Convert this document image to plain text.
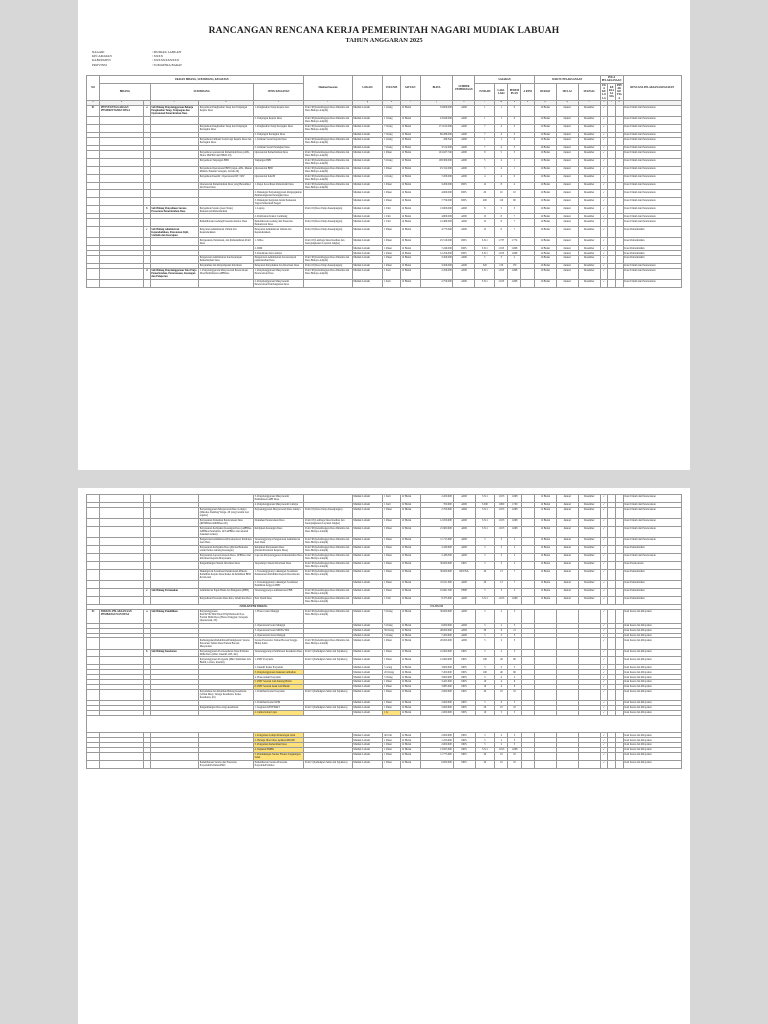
RANCANGAN RENCANA KERJA PEMERINTAH NAGARI MUDIAK LABUAH
TAHUN ANGGARAN 2025
NAGARI	: MUDIAK LABUAH
KECAMATAN	: XXXX
KABUPATEN	: XXXXXXXXXXX
PROVINSI	: SUMATERA BARAT
NO	URAIAN BIDANG, SUB BIDANG, KEGIATAN					Manfaat/Sasaran	LOKASI	VOLUME	SATUAN	BIAYA	SUMBER PEMBIAYAAN	SASARAN				WAKTU PELAKSANAAN			POLA PELAKSANAAN			RENCANA PELAKSANA KEGIATAN
	BIDANG		SUB BIDANG		JENIS KEGIATAN							JUMLAH	LAKI-LAKI	PEREMPUAN	A RTM	DURASI	MULAI	SELESAI	SWA KELOLA	KERJA SAMA	PIHAK KETIGA	

a	b		c	d	e	f	g	h	i	j	k	l	m	n	o	p	q	r	s	t	u	
01	PENYELENGGARAAN PEMERINTAHAN DESA	a	Sub Bidang Penyelenggaraan Belanja Penghasilan Tetap, Tunjangan dan Operasional Pemerintahan Desa	Penyediaan Penghasilan Tetap dan Tunjangan Kepala Desa	1. Penghasilan Tetap Kepala desa	Point 38 (Kelembagaan Desa Dinamis dan Desa Budaya Adaptif)	Mudiak Labuah	1 Orang	12 Bulan	33.600.000	ADD	1	1	0		12 Bulan	Januari	Desember	✓			Kaur Umum dan Perencanaan
					2. Tunjangan Kepala Desa	Point 38 (Kelembagaan Desa Dinamis dan Desa Budaya Adaptif)	Mudiak Labuah	1 Orang	12 Bulan	23.040.000	ADD	1	1	0		12 Bulan	Januari	Desember	✓			Kaur Umum dan Perencanaan
				Penyediaan Penghasilan Tetap dan Tunjangan Perangkat Desa	1. Penghasilan Tetap Perangkat Desa	Point 38 (Kelembagaan Desa Dinamis dan Desa Budaya Adaptif)	Mudiak Labuah	7 Orang	12 Bulan	171.612.000	ADD	7	4	3		12 Bulan	Januari	Desember	✓			Kaur Umum dan Perencanaan
					2. Tunjangan Perangkat Desa		Mudiak Labuah	7 Orang	12 Bulan	80.286.000	ADD	7	4	3		12 Bulan	Januari	Desember	✓			Kaur Umum dan Perencanaan
				Penyediaan Jaminan Sosial bagi Kepala Desa dan Perangkat Desa	1. Jaminan Sosial Kepala Desa	Point 38 (Kelembagaan Desa Dinamis dan Desa Budaya Adaptif)	Mudiak Labuah	1 Orang	12 Bulan	439.342	ADD	1	1	0		12 Bulan	Januari	Desember	✓			Kaur Umum dan Perencanaan
					2. Jaminan Sosial Perangkat Desa		Mudiak Labuah	7 Orang	12 Bulan	3.512.000	ADD	7	4	3		12 Bulan	Januari	Desember	✓			Kaur Umum dan Perencanaan
				Penyediaan operasional Pemerintah Desa (ATK, Honor PKPKD dan PPKD dll)	Operasional Pemerintahan Desa	Point 38 (Kelembagaan Desa Dinamis dan Desa Budaya Adaptif)	Mudiak Labuah	1 Paket	12 Bulan	101.627.740	ADD	8	5	3		12 Bulan	Januari	Desember	✓			Kaur Umum dan Perencanaan
				Penyediaan Tunjangan BPD	Tunjangan BPD	Point 38 (Kelembagaan Desa Dinamis dan Desa Budaya Adaptif)	Mudiak Labuah	5 Orang	12 Bulan	108.300.000	ADD	5	4	1		12 Bulan	Januari	Desember	✓			Kaur Umum dan Perencanaan
				Penyediaan Operasional BPD (rapat, ATK, Makan Minum, Pakaian Seragam, Listrik dll)	Operasional BPD	Point 38 (Kelembagaan Desa Dinamis dan Desa Budaya Adaptif)	Mudiak Labuah	1 Paket	12 Bulan	25.312.000	ADD	5	4	1		12 Bulan	Januari	Desember	✓			Kaur Umum dan Perencanaan
				Penyediaan Insentif / Operasional RT / RW	Operasional KAON	Point 38 (Kelembagaan Desa Dinamis dan Desa Budaya Adaptif)	Mudiak Labuah	4 Orang	12 Bulan	7.200.000	ADD	4	4	0		12 Bulan	Januari	Desember	✓			Kaur Umum dan Perencanaan
				Operasional Pemerintahan Desa yang Bersumber dari Dana Desa	1. Rapat Koordinasi Pemerintah Desa	Point 38 (Kelembagaan Desa Dinamis dan Desa Budaya Adaptif)	Mudiak Labuah	1 Paket	12 Bulan	3.200.000	DDS	12	8	4		12 Bulan	Januari	Desember	✓			Kaur Umum dan Perencanaan
					2. Dukungan Penyelenggaraan Pengangkutan Pemberangkatan Perangkat Desa		Mudiak Labuah	1 Paket	12 Bulan	4.000.000	DDS	20	10	10		12 Bulan	Januari	Desember	✓			Kaur Umum dan Perencanaan
					3. Dukungan Kegiatan dalam Perkuatan Tugas Pemerintah Negeri		Mudiak Labuah	1 Paket	12 Bulan	7.750.000	DDS	200	110	90		12 Bulan	Januari	Desember	✓			Kaur Umum dan Perencanaan
		b	Sub Bidang Penyediaan Sarana Prasarana Pemerintahan Desa	Penyediaan Sarana (Aset Tetap) Perkantoran/Pemerintahan	1. Laptop	Point 18 (Desa Tanpa Kesenjangan)	Mudiak Labuah	1 Unit	12 Bulan	13.000.000	ADD	8	5	3		12 Bulan	Januari	Desember	✓			Kaur Umum dan Perencanaan
					2. Pembuatan Kantor Lumbung		Mudiak Labuah	1 Unit	12 Bulan	4.800.000	ADD	15	8	7		12 Bulan	Januari	Desember	✓			Kaur Umum dan Perencanaan
				Pemeliharaan Gedung/Prasarana Kantor Desa	Pemeliharaan Gedung dan Prasarana Perkantoran Desa	Point 18 (Desa Tanpa Kesenjangan)	Mudiak Labuah	1 Unit	12 Bulan	12.480.000	ADD	15	8	7		12 Bulan	Januari	Desember	✓			Kaur Umum dan Perencanaan
		c	Sub Bidang Administrasi Kependudukan, Pencatatan Sipil, Statistik dan Kearsipan	Pelayanan Administrasi Umum dan Kependudukan	Pelayanan Administrasi Umum dan Kependudukan	Point 18 (Desa Tanpa Kesenjangan)	Mudiak Labuah	1 Paket	12 Bulan	4.775.000	ADD	15	8	7		12 Bulan	Januari	Desember	✓			Kaur Pemerintahan
				Penyusunan, Pendataan, dan Pemutakhiran Profil Desa	1. SDGs	Point 18 (Lembaga Desa Kualitas dan Keterjangkauan Layanan Jangka)	Mudiak Labuah	1 Paket	12 Bulan	25.510.000	DDS	3.511	1.737	1.774		12 Bulan	Januari	Desember	✓			Kaur Pemerintahan
					2. IDM		Mudiak Labuah	1 Paket	12 Bulan	7.240.000	DDS	3.511	1.813	1.698		12 Bulan	Januari	Desember	✓			Kaur Pemerintahan
					3. Pendataan data Lainnya		Mudiak Labuah	1 Paket	12 Bulan	12.250.000	DDS	3.511	1.813	1.698		12 Bulan	Januari	Desember	✓			Kaur Pemerintahan
				Pengelolaan Administrasi dan Kearsipan Pemerintahan Desa	Pengelolaan Administrasi dan kearsipan pemerintahan Desa	Point 38 (Kelembagaan Desa Dinamis dan Desa Budaya Adaptif)	Mudiak Labuah	1 Paket	12 Bulan	3.450.000	ADD	5	3	2		12 Bulan	Januari	Desember	✓			Kaur Pemerintahan
				Penyuluhan dan Penyampaian Informasi	Pelayanan Penyuluhan dan Informasi Desa	Point 18 (Desa Tanpa Kesenjangan)	Mudiak Labuah	1 Paket	12 Bulan	3.200.000	ADD	320	150	170		12 Bulan	Januari	Desember	✓			Kaur Umum dan Perencanaan
		d	Sub Bidang Penyelenggaraan Tata Praja Pemerintahan, Perencanaan, Keuangan dan Pelaporan	1. Penyelenggaraan Musyawarah Perencanaan Desa/Pembahasan APBDesa	1. Penyelenggaraan Musyawarah Perencanaan Desa	Point 38 (Kelembagaan Desa Dinamis dan Desa Budaya Adaptif)	Mudiak Labuah	1 Kali	12 Bulan	2.450.000	ADD	3.511	1.813	1.698		12 Bulan	Januari	Desember	✓			Kaur Umum dan Perencanaan
					2. Penyelenggaraan Musyawarah Perencanaan Pembangunan Desa		Mudiak Labuah	1 Kali	12 Bulan	2.750.000	ADD	3.511	1.813	1.698		12 Bulan	Januari	Desember	✓			Kaur Umum dan Perencanaan
					3. Penyelenggaraan Musyawarah Pembahasan APB Desa		Mudiak Labuah	1 Kali	12 Bulan	2.450.000	ADD	3.511	1.813	1.698		12 Bulan	Januari	Desember	✓			Kaur Umum dan Perencanaan
					4. Penyelenggaraan Musyawarah Lainnya		Mudiak Labuah	1 Kali	12 Bulan	700.000	ADD	3.500	1.800	1.700		12 Bulan	Januari	Desember	✓			Kaur Umum dan Perencanaan
				Penyelenggaraan Musyawarah Desa Lainnya (Musdus, Rembug Warga, dll yang bersifat non reguler)	Penyelenggaraan Musyawarah Desa lainnya	Point 18 (Desa Tanpa Kesenjangan)	Mudiak Labuah	1 Paket	12 Bulan	2.700.000	ADD	3.511	1.813	1.698		12 Bulan	Januari	Desember	✓			Kaur Umum dan Perencanaan
				Penyusunan Dokumen Perencanaan Desa (RPJMDesa/RKPDesa/dll)	Dokumen Perencanaan Desa	Point 18 (Lembaga Desa Kualitas dan Keterjangkauan Layanan Jangka)	Mudiak Labuah	1 Paket	12 Bulan	12.050.000	ADD	3.511	1.813	1.698		12 Bulan	Januari	Desember	✓			Kaur Umum dan Perencanaan
				Penyusunan Kebijakan Keuangan Desa (APBDes, APBDes Perubahan, LPJ APBDes dan seluruh dokumen terkait)	Kebijakan Keuangan Desa	Point 38 (Kelembagaan Desa Dinamis dan Desa Budaya Adaptif)	Mudiak Labuah	1 Paket	12 Bulan	21.900.000	ADD	3.511	1.813	1.698		12 Bulan	Januari	Desember	✓			Kaur Umum dan Perencanaan
				Pengelolaan/Administrasi/Inventarisasi/ Penilaian Aset Desa	Terselenggaranya Pengelolaan Administrasi Aset Desa	Point 38 (Kelembagaan Desa Dinamis dan Desa Budaya Adaptif)	Mudiak Labuah	1 Paket	12 Bulan	11.715.000	ADD	5	3	2		12 Bulan	Januari	Desember	✓			Kaur Umum dan Perencanaan
				Penyusunan Kebijakan Desa (Perdes/Perkades selain Perdes tentang Keuangan)	Kebijakan Penyusunan Desa (Perdes/Peraturan Kepala Desa)	Point 38 (Kelembagaan Desa Dinamis dan Desa Budaya Adaptif)	Mudiak Labuah	1 Paket	12 Bulan	2.430.000	ADD	5	3	2		12 Bulan	Januari	Desember	✓			Kaur Pemerintahan
				Penyusunan Laporan Kepala Desa, LPPDesa dan Informasi Kepada Masyarakat	Laporan Penyelenggaraan Pemerintahan Desa	Point 38 (Kelembagaan Desa Dinamis dan Desa Budaya Adaptif)	Mudiak Labuah	1 Paket	12 Bulan	2.186.300	ADD	5	3	2		12 Bulan	Januari	Desember	✓			Kaur Umum dan Perencanaan
				Pengembangan Sistem Informasi Desa	Terpadunya Sistem Informasi Desa	Point 38 (Kelembagaan Desa Dinamis dan Desa Budaya Adaptif)	Mudiak Labuah	1 Paket	12 Bulan	30.000.000	DDS	5	3	2		12 Bulan	Januari	Desember	✓			Kaur Perencanaan
				Dukungan & Sosialisasi Pelaksanaan Pilkada, Pemilihan Kepala Desa/Kades & Pemilihan BPD & lain-lain	1. Terselenggaranya dukungan Sosialisasi Pelaksanaan Pemilihan Kepala Desa/Kades	Point 38 (Kelembagaan Desa Dinamis dan Desa Budaya Adaptif)	Mudiak Labuah	1 Paket	12 Bulan	30.000.000	KEUNA	20	13	7		12 Bulan	Januari	Desember	✓			Kaur Pemerintahan
					2. Terselenggaranya dukungan Sosialisasi Pemilihan Anggota BPD		Mudiak Labuah	1 Paket	12 Bulan	10.911.000	ADD	20	13	7		12 Bulan	Januari	Desember	✓			Kaur Pemerintahan
		e	Sub Bidang Pertanahan	Administrasi Pajak Bumi dan Bangunan (PBB)	Terselenggaranya Administrasi PBB	Point 38 (Kelembagaan Desa Dinamis dan Desa Budaya Adaptif)	Mudiak Labuah	1 Paket	12 Bulan	10.961.500	PBH	5	3	2		12 Bulan	Januari	Desember	✓			Kaur Pemerintahan
				Penyediaan Prasarana Desa Peta, Tanah Kas Desa	Peta Tanah Desa	Point 38 (Kelembagaan Desa Dinamis dan Desa Budaya Adaptif)	Mudiak Labuah	1 Unit	12 Bulan	8.375.000	ADD	3.511	1.813	1.698		12 Bulan	Januari	Desember	✓			Kaur Pemerintahan
JUMLAH PER BIDANG										721.335.153												
02	BIDANG PELAKSANAAN PEMBANGUNAN DESA	a	Sub Bidang Pendidikan	Penyelenggaraan PAUD/TK/TPA/TKA/TPQ/Madrasah Non-Formal Milik Desa (Honor Pengajar, Seragam, Operasional, dll)	1. Honor Guru Mengaji	Point 38 (Kelembagaan Desa Dinamis dan Desa Budaya Adaptif)	Mudiak Labuah	5 Orang	12 Bulan	30.000.000	ADD	5	2	3					✓			Kasi Kesra dan Pelayanan
					2. Operasional Guru Mengaji		Mudiak Labuah	5 Orang	12 Bulan	6.000.000	ADD	5	2	3					✓			Kasi Kesra dan Pelayanan
					3. Operasional Guru MDTA/TPA		Mudiak Labuah	30 Orang	12 Bulan	48.000.000	ADD	30	9	21					✓			Kasi Kesra dan Pelayanan
					4. Operasional Juara Mengaji		Mudiak Labuah	5 Orang	12 Bulan	7.200.000	ADD	5	2	3					✓			Kasi Kesra dan Pelayanan
				Pembangunan/Rehabilitasi/Peningkatan/ Sarana Prasarana Taman Desa/Taman Bacaan Masyarakat	Sarana Prasarana/ Taman Bacaan Sangga Hidup Sehat	Point 38 (Kelembagaan Desa Dinamis dan Desa Budaya Adaptif)	Mudiak Labuah	1 Paket	12 Bulan	20.000.000	ADD	5	2	3					✓			Kasi Kesra dan Pelayanan
		b	Sub Bidang Kesehatan	Penyelenggaraan Pos Kesehatan Desa/Polindes Milik Desa (Obat, Insentif, KB, dsb)	Terselenggaranya Pembinaan Kesehatan Desa	Point 3 (Kehidupan Sehat dan Sejahtera)	Mudiak Labuah	1 Paket	12 Bulan	21.000.000	DDS	5	2	3					✓			Kasi Kesra dan Pelayanan
				Penyelenggaraan Posyandu (Mkn Tambahan, Kls Bumil, Lansia, Insentif)	1. PMT Posyandu	Point 3 (Kehidupan Sehat dan Sejahtera)	Mudiak Labuah	1 Paket	12 Bulan	12.600.000	DDS	100	40	60					✓			Kasi Kesra dan Pelayanan
					2. Insentif Kader Posyandu		Mudiak Labuah	5 orang	12 Bulan	3.600.000	DDS	5	0	5					✓			Kasi Kesra dan Pelayanan
					3. Penyelenggaraan makanan tambahan		Mudiak Labuah	20 Orang	12 Bulan	7.200.000	DDS	100	40	60					✓			Kasi Kesra dan Pelayanan
					4. Honorarium Posyandu		Mudiak Labuah	5 Orang	12 Bulan	3.600.000	DDS	5	0	5					✓			Kasi Kesra dan Pelayanan
					5. PMT Sasaran Gizi Kurang Balita		Mudiak Labuah	1 Paket	12 Bulan	3.425.000	DDS	10	4	6					✓			Kasi Kesra dan Pelayanan
					6. PMT Sasaran Anak Gizi Buruk		Mudiak Labuah	1 Paket	12 Bulan	3.885.000	DDS	10	4	6					✓			Kasi Kesra dan Pelayanan
				Penyuluhan dan Pelatihan Bidang Kesehatan (Untuk Masy, Tenaga Kesehatan, Kader Kesehatan, dll)	1. Pelatihan Kader Posyandu	Point 3 (Kehidupan Sehat dan Sejahtera)	Mudiak Labuah	1 Paket	12 Bulan	2.600.000	DDS	20	10	10					✓			Kasi Kesra dan Pelayanan
					2. Pelatihan Kader KPM		Mudiak Labuah	1 Paket	12 Bulan	2.000.000	DDS	5	0	5					✓			Kasi Kesra dan Pelayanan
				Pengembangan Desa siaga kesehatan	1. Kegiatan KESEHATI	Point 3 (Kehidupan Sehat dan Sejahtera)	Mudiak Labuah	1 Paket	12 Bulan	5.000.000	DDS	20	10	10					✓			Kasi Kesra dan Pelayanan
					2. Jambe Kabut Lipat		Mudiak Labuah	1 Lt	12 Bulan	2.000.000	DDS	10	5	5					✓			Kasi Kesra dan Pelayanan

					1. Pengadaan Lampu Penerangan Jalan		Mudiak Labuah	40 Unit	12 Bulan	2.000.000	DDS	5	2	3					✓			Kasi Kesra dan Pelayanan
					2. Belanja Obat Obat, Aplikasi PKMD		Mudiak Labuah	1 Paket	12 Bulan	1.250.000	DDS	5	2	3					✓			Kasi Kesra dan Pelayanan
					3. Pengadaan Kebersihan Desa		Mudiak Labuah	1 Paket	12 Bulan	2.000.000	DDS	5	2	3					✓			Kasi Kesra dan Pelayanan
					4. Rujukan PMBK		Mudiak Labuah	1 Paket	12 Bulan	13.825.000	DDS	3.511	1.813	1.698					✓			Kasi Kesra dan Pelayanan
					5. Pendukungan Sarana Fitonas Lingkungan Sehat		Mudiak Labuah	1 Paket	12 Bulan	11.775.000	DDS	20	10	10					✓			Kasi Kesra dan Pelayanan
				Pemeliharaan Sarana dan Prasarana Posyandu/Polindes/PKD	Pemeliharaan Sarana Prasarana Posyandu/Polindes	Point 3 (Kehidupan Sehat dan Sejahtera)	Mudiak Labuah	1 Paket	12 Bulan	6.000.000	DDS	20	10	10					✓			Kasi Kesra dan Pelayanan
